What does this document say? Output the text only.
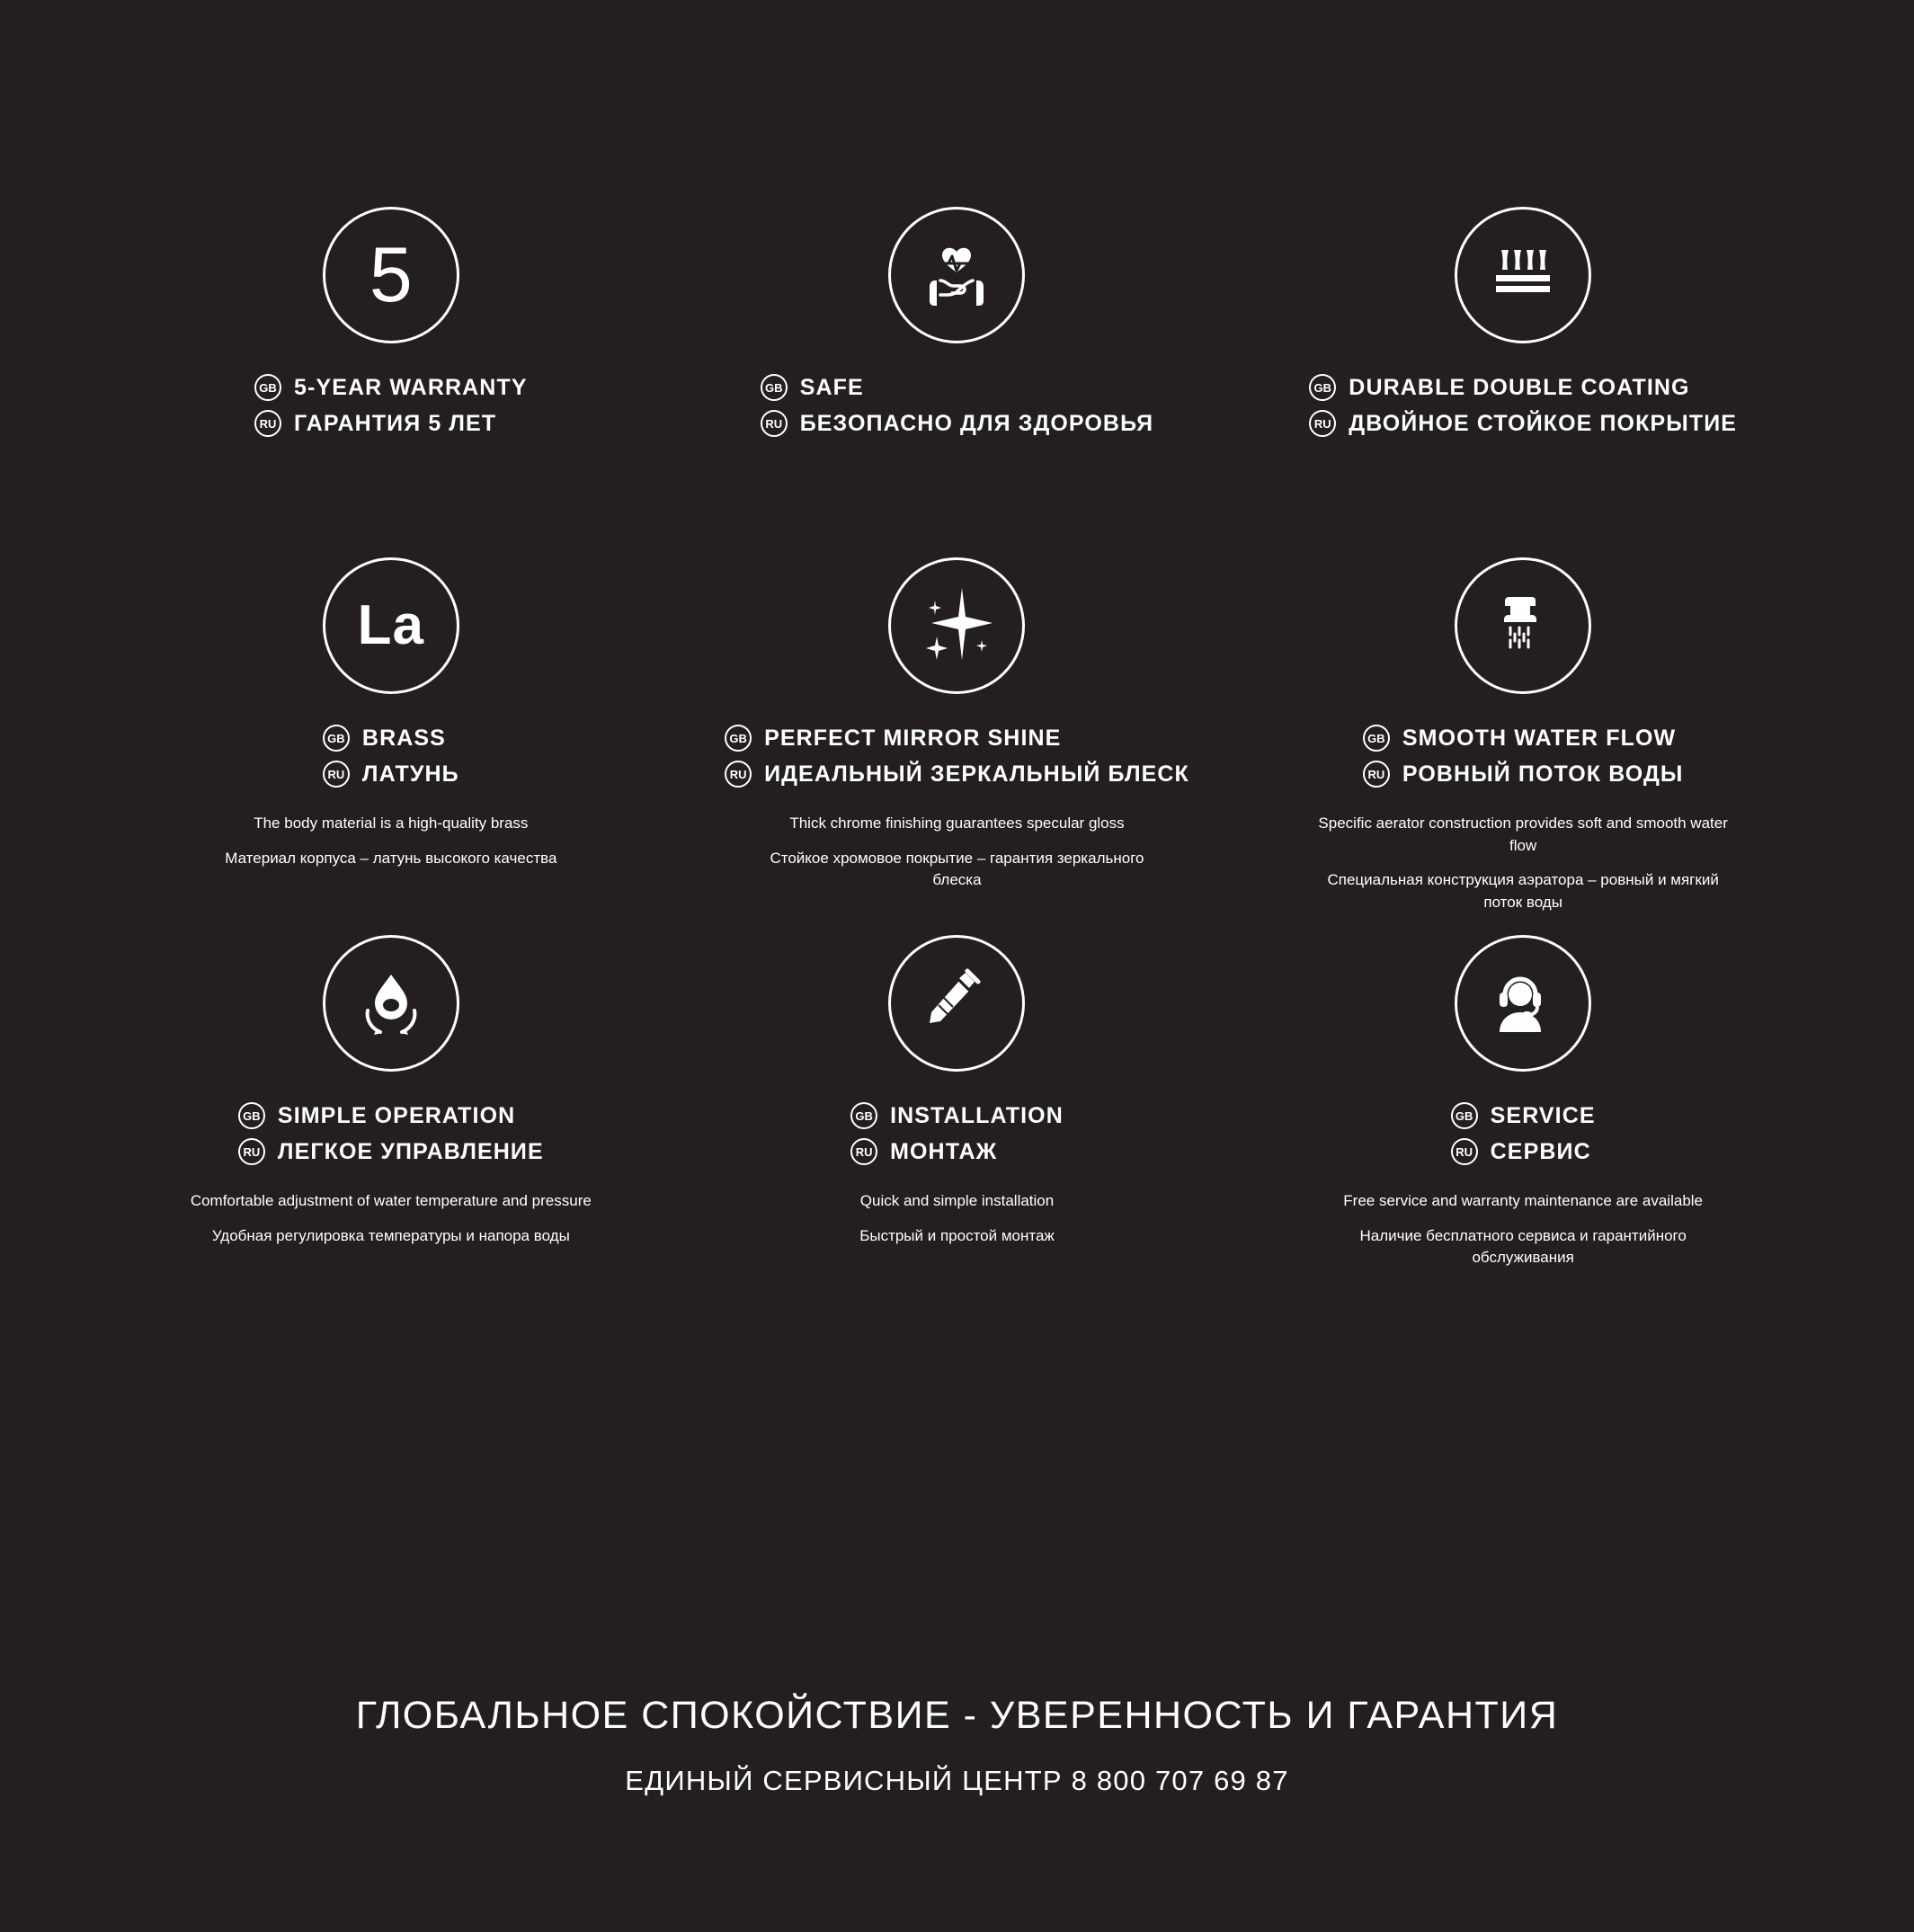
5
GB 5-YEAR WARRANTY
RU ГАРАНТИЯ 5 ЛЕТ
GB SAFE
RU БЕЗОПАСНО ДЛЯ ЗДОРОВЬЯ
GB DURABLE DOUBLE COATING
RU ДВОЙНОЕ СТОЙКОЕ ПОКРЫТИЕ
La
GB BRASS
RU ЛАТУНЬ
The body material is a high-quality brass
Материал корпуса – латунь высокого качества
GB PERFECT MIRROR SHINE
RU ИДЕАЛЬНЫЙ ЗЕРКАЛЬНЫЙ БЛЕСК
Thick chrome finishing guarantees specular gloss
Стойкое хромовое покрытие – гарантия зеркального блеска
GB SMOOTH WATER FLOW
RU РОВНЫЙ ПОТОК ВОДЫ
Specific aerator construction provides soft and smooth water flow
Специальная конструкция аэратора – ровный и мягкий поток воды
GB SIMPLE OPERATION
RU ЛЕГКОЕ УПРАВЛЕНИЕ
Comfortable adjustment of water temperature and pressure
Удобная регулировка температуры и напора воды
GB INSTALLATION
RU МОНТАЖ
Quick and simple installation
Быстрый и простой монтаж
GB SERVICE
RU СЕРВИС
Free service and warranty maintenance are available
Наличие бесплатного сервиса и гарантийного обслуживания
ГЛОБАЛЬНОЕ СПОКОЙСТВИЕ - УВЕРЕННОСТЬ И ГАРАНТИЯ
ЕДИНЫЙ СЕРВИСНЫЙ ЦЕНТР 8 800 707 69 87
